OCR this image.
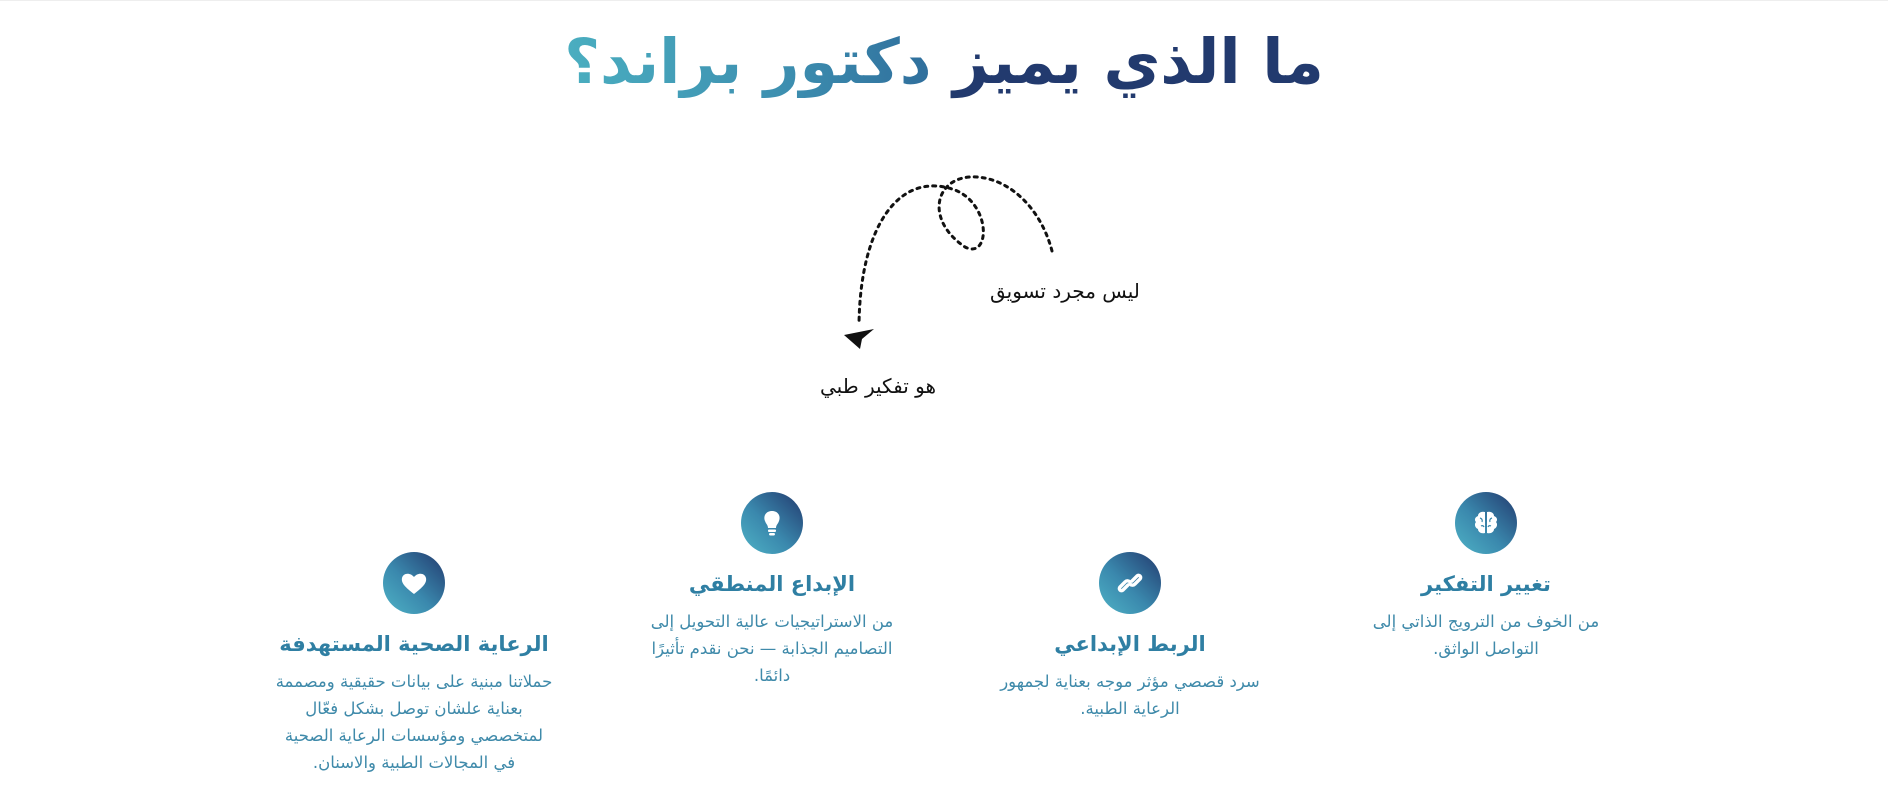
ما الذي يميز دكتور براند؟
ليس مجرد تسويق
هو تفكير طبي
تغيير التفكير
من الخوف من الترويج الذاتي إلى التواصل الواثق.
الربط الإبداعي
سرد قصصي مؤثر موجه بعناية لجمهور الرعاية الطبية.
الإبداع المنطقي
من الاستراتيجيات عالية التحويل إلى التصاميم الجذابة — نحن نقدم تأثيرًا دائمًا.
الرعاية الصحية المستهدفة
حملاتنا مبنية على بيانات حقيقية ومصممة بعناية علشان توصل بشكل فعّال لمتخصصي ومؤسسات الرعاية الصحية في المجالات الطبية والاسنان.
